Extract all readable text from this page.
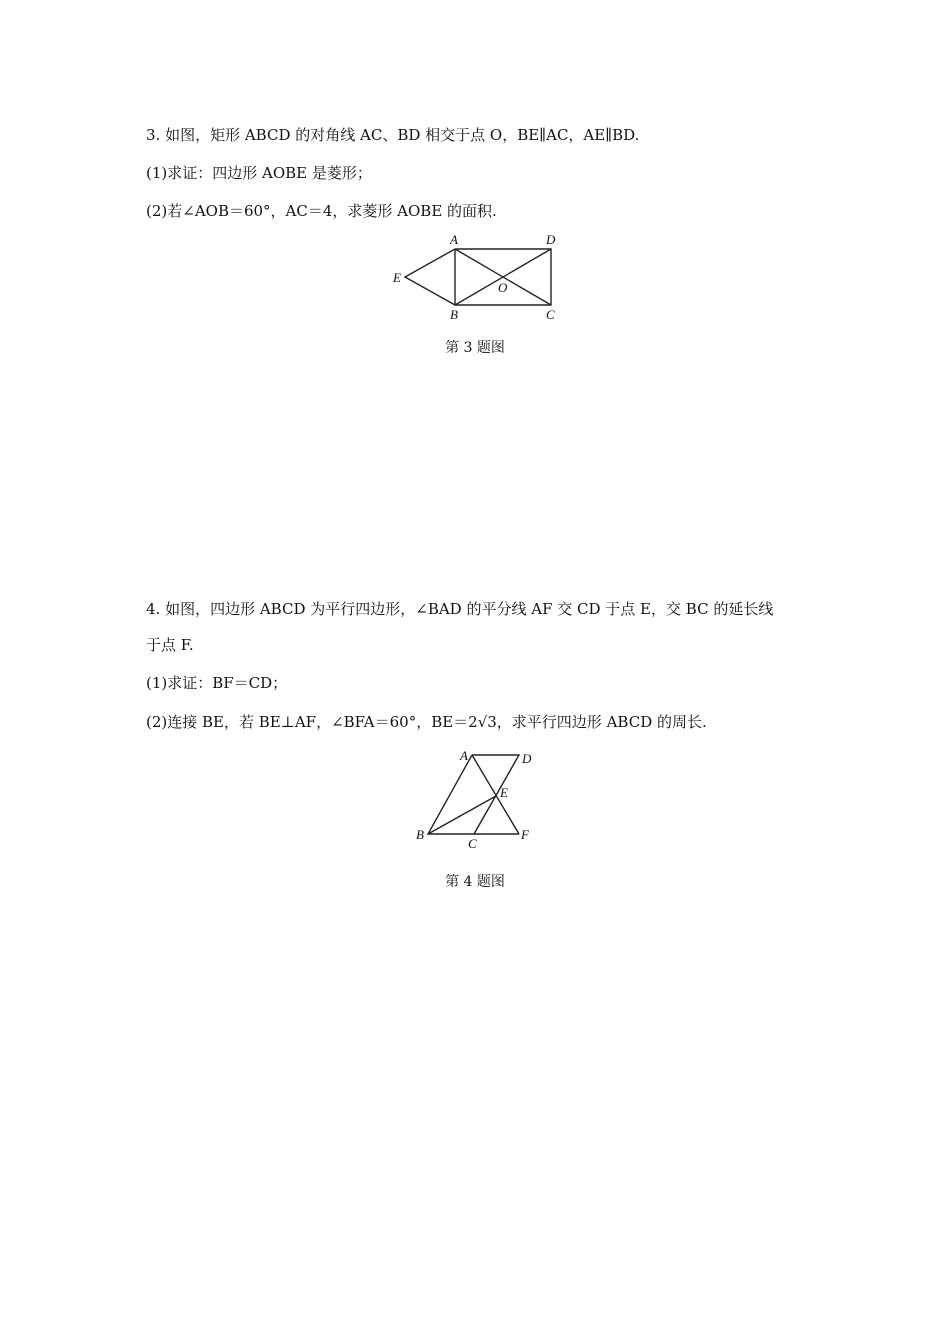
3. 如图，矩形 ABCD 的对角线 AC、BD 相交于点 O，BE∥AC，AE∥BD.
(1)求证：四边形 AOBE 是菱形；
(2)若∠AOB＝60°，AC＝4，求菱形 AOBE 的面积.
A	D
B	C
E
O
A	D
B
C
E
F
第 3 题图
4. 如图，四边形 ABCD 为平行四边形，∠BAD 的平分线 AF 交 CD 于点 E，交 BC 的延长线
于点 F.
(1)求证：BF＝CD；
(2)连接 BE，若 BE⊥AF，∠BFA＝60°，BE＝2√3，求平行四边形 ABCD 的周长.
第 4 题图
